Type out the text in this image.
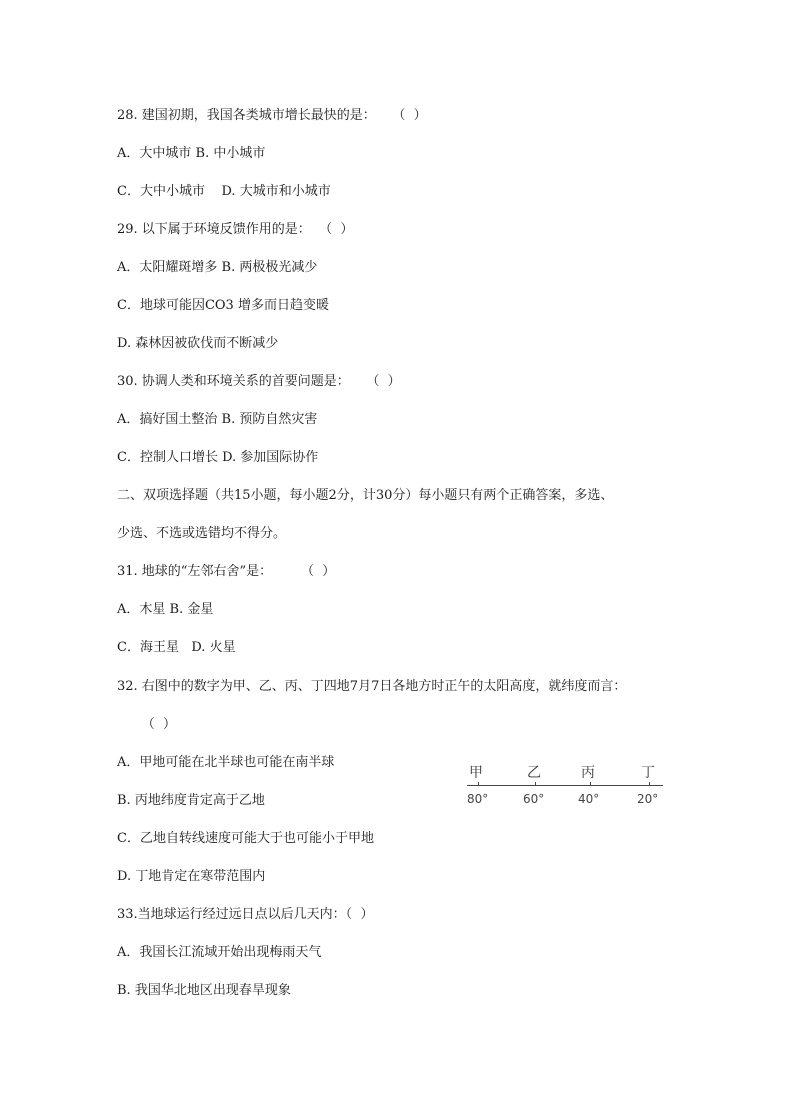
28. 建国初期，我国各类城市增长最快的是：    （  ）
A．大中城市 B. 中小城市
C．大中小城市    D. 大城市和小城市
29. 以下属于环境反馈作用的是：  （  ）
A．太阳耀斑增多 B. 两极极光减少
C．地球可能因CO3 增多而日趋变暖
D. 森林因被砍伐而不断减少
30. 协调人类和环境关系的首要问题是：    （  ）
A．搞好国土整治 B. 预防自然灾害
C．控制人口增长 D. 参加国际协作
二、双项选择题（共15小题，每小题2分，计30分）每小题只有两个正确答案，多选、
少选、不选或选错均不得分。
31. 地球的“左邻右舍”是：       （  ）
A．木星 B. 金星
C．海王星   D. 火星
32. 右图中的数字为甲、乙、丙、丁四地7月7日各地方时正午的太阳高度，就纬度而言：
（  ）
A．甲地可能在北半球也可能在南半球
B. 丙地纬度肯定高于乙地
C．乙地自转线速度可能大于也可能小于甲地
D. 丁地肯定在寒带范围内
33.当地球运行经过远日点以后几天内：（  ）
A．我国长江流域开始出现梅雨天气
B. 我国华北地区出现春旱现象
甲	乙	丙	丁
80°	60°	40°	20°
